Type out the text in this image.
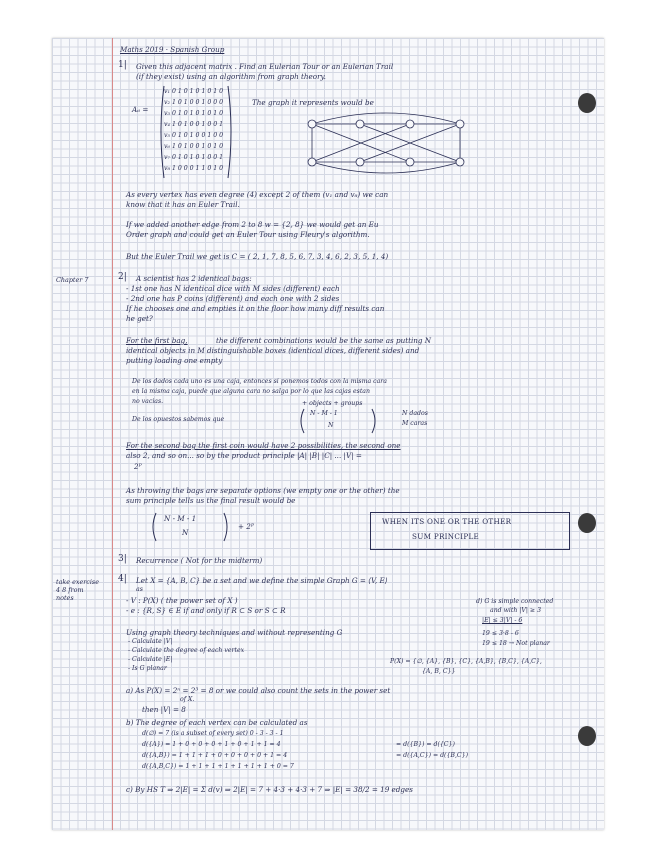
Maths 2019 · Spanish Group
1| Given this adjacent matrix . Find an Eulerian Tour or an Eulerian Trail
(if they exist) using an algorithm from graph theory.
A₆ =
v₁ 0 1 0 1 0 1 0 1 0
v₂ 1 0 1 0 0 1 0 0 0
v₃ 0 1 0 1 0 1 0 1 0
v₄ 1 0 1 0 0 1 0 0 1
v₅ 0 1 0 1 0 0 1 0 0
v₆ 1 0 1 0 0 1 0 1 0
v₇ 0 1 0 1 0 1 0 0 1
v₈ 1 0 0 0 1 1 0 1 0
The graph it represents would be
As every vertex has even degree (4) except 2 of them (v₁ and v₈) we can
know that it has an Euler Trail.
If we added another edge from 2 to 8 w = {2, 8} we would get an Eu
Order graph and could get an Euler Tour using Fleury's algorithm.
But the Euler Trail we get is C = ( 2, 1, 7, 8, 5, 6, 7, 3, 4, 6, 2, 3, 5, 1, 4)
Chapter 7	2| A scientist has 2 identical bags:
- 1st one has N identical dice with M sides (different) each
- 2nd one has P coins (different) and each one with 2 sides
If he chooses one and empties it on the floor how many diff results can
he get?
For the first bag,	the different combinations would be the same as putting N
identical objects in M distinguishable boxes (identical dices, different sides) and
putting loading one empty
De los dados cada uno es una caja, entonces si ponemos todos con la misma cara
en la misma caja, puede que alguna cara no salga por lo que las cajas estan
no vacias.
De los opuestos sabemos que
+ objects + groups
N - M - 1
N
N dados
M caras
For the second bag the first coin would have 2 possibilities, the second one
also 2, and so on... so by the product principle |A| |B| |C| ... |V| =
2ᴾ
As throwing the bags are separate options (we empty one or the other) the
sum principle tells us the final result would be
N - M - 1
N
+ 2ᴾ
WHEN ITS ONE OR THE OTHER
SUM PRINCIPLE
3| Recurrence ( Not for the midterm)
take exercise
4 8 from
notes
4| Let X = {A, B, C} be a set and we define the simple Graph G = ⟨V, E⟩
as
- V : P(X) ( the power set of X )
- e : {R, S} ∈ E if and only if R ⊂ S or S ⊂ R
d) G is simple connected
and with |V| ≥ 3
|E| ≤ 3|V| - 6
19 ≤ 3·8 - 6
19 ≤ 18 → Not planar
Using graph theory techniques and without representing G
- Calculate |V|
- Calculate the degree of each vertex
- Calculate |E|
- Is G planar
P(X) = {∅, {A}, {B}, {C}, {A,B}, {B,C}, {A,C},
{A, B, C}}
a) As P(X) = 2ⁿ = 2³ = 8 or we could also count the sets in the power set
of X.
then |V| = 8
b) The degree of each vertex can be calculated as
d(∅) = 7 (is a subset of every set) 0 - 3 - 3 - 1
d({A}) = 1 + 0 + 0 + 0 + 1 + 0 + 1 + 1 = 4	= d({B}) = d({C})
d({A,B}) = 1 + 1 + 1 + 0 + 0 + 0 + 0 + 1 = 4	= d({A,C}) = d({B,C})
d({A,B,C}) = 1 + 1 + 1 + 1 + 1 + 1 + 1 + 0 = 7
c) By HS T ⇒ 2|E| = Σ d(v) ⇒ 2|E| = 7 + 4·3 + 4·3 + 7 ⇒ |E| = 38/2 = 19 edges
